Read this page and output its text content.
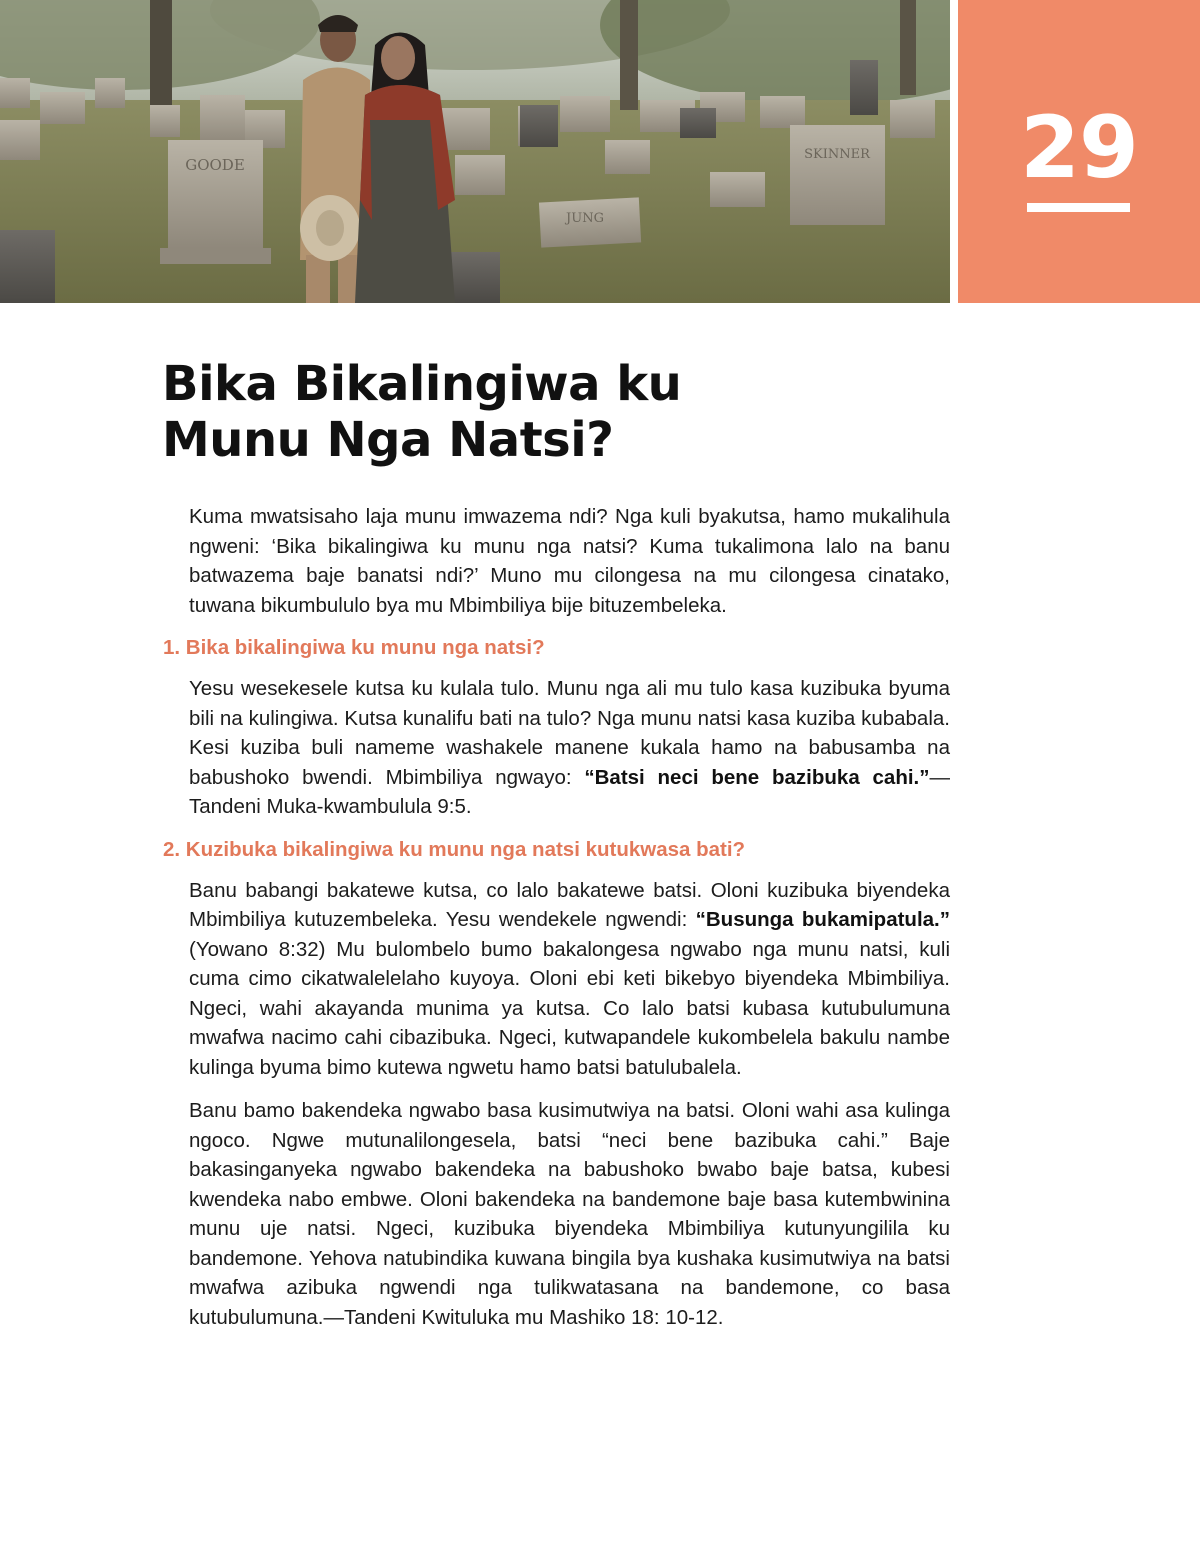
GOODE
JUNG
SKINNER	29
Bika Bikalingiwa ku
Munu Nga Natsi?

Kuma mwatsisaho laja munu imwazema ndi? Nga kuli byakutsa, hamo mukalihula ngweni: ‘Bika bikalingiwa ku munu nga natsi? Kuma tukalimona lalo na banu batwazema baje banatsi ndi?’ Muno mu cilongesa na mu cilongesa cinatako, tuwana bikumbululo bya mu Mbimbiliya bije bituzembeleka.

1. Bika bikalingiwa ku munu nga natsi?

Yesu wesekesele kutsa ku kulala tulo. Munu nga ali mu tulo kasa kuzibuka byuma bili na kulingiwa. Kutsa kunalifu bati na tulo? Nga munu natsi kasa kuziba kubabala. Kesi kuziba buli nameme washakele manene kukala hamo na babusamba na babushoko bwendi. Mbimbiliya ngwayo: “Batsi neci bene bazibuka cahi.”—Tandeni Muka-kwambulula 9:5.

2. Kuzibuka bikalingiwa ku munu nga natsi kutukwasa bati?

Banu babangi bakatewe kutsa, co lalo bakatewe batsi. Oloni kuzibuka biyendeka Mbimbiliya kutuzembeleka. Yesu wendekele ngwendi: “Busunga bukamipatula.” (Yowano 8:32) Mu bulombelo bumo bakalongesa ngwabo nga munu natsi, kuli cuma cimo cikatwalelelaho kuyoya. Oloni ebi keti bikebyo biyendeka Mbimbiliya. Ngeci, wahi akayanda munima ya kutsa. Co lalo batsi kubasa kutubulumuna mwafwa nacimo cahi cibazibuka. Ngeci, kutwapandele kukombelela bakulu nambe kulinga byuma bimo kutewa ngwetu hamo batsi batulubalela.

Banu bamo bakendeka ngwabo basa kusimutwiya na batsi. Oloni wahi asa kulinga ngoco. Ngwe mutunalilongesela, batsi “neci bene bazibuka cahi.” Baje bakasinganyeka ngwabo bakendeka na babushoko bwabo baje batsa, kubesi kwendeka nabo embwe. Oloni bakendeka na bandemone baje basa kutembwinina munu uje natsi. Ngeci, kuzibuka biyendeka Mbimbiliya kutunyungilila ku bandemone. Yehova natubindika kuwana bingila bya kushaka kusimutwiya na batsi mwafwa azibuka ngwendi nga tulikwatasana na bandemone, co basa kutubulumuna.—Tandeni Kwituluka mu Mashiko 18: 10-12.
